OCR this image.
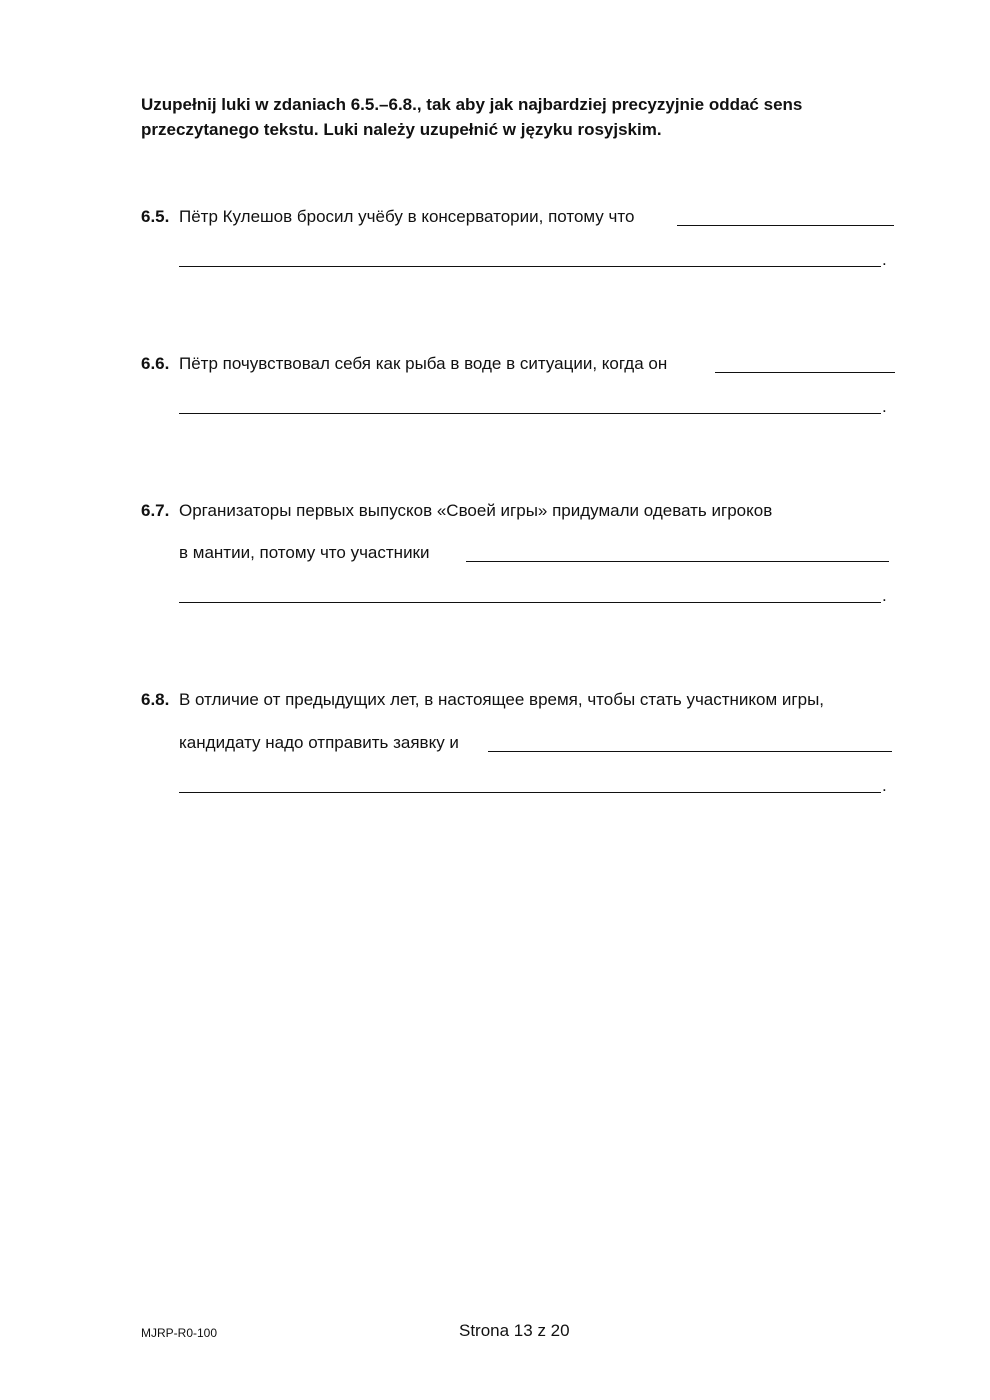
Uzupełnij luki w zdaniach 6.5.–6.8., tak aby jak najbardziej precyzyjnie oddać sens przeczytanego tekstu. Luki należy uzupełnić w języku rosyjskim.
6.5. Пётр Кулешов бросил учёбу в консерватории, потому что
.
6.6. Пётр почувствовал себя как рыба в воде в ситуации, когда он
.
6.7. Организаторы первых выпусков «Своей игры» придумали одевать игроков
в мантии, потому что участники
.
6.8. В отличие от предыдущих лет, в настоящее время, чтобы стать участником игры,
кандидату надо отправить заявку и
.
MJRP-R0-100	Strona 13 z 20
